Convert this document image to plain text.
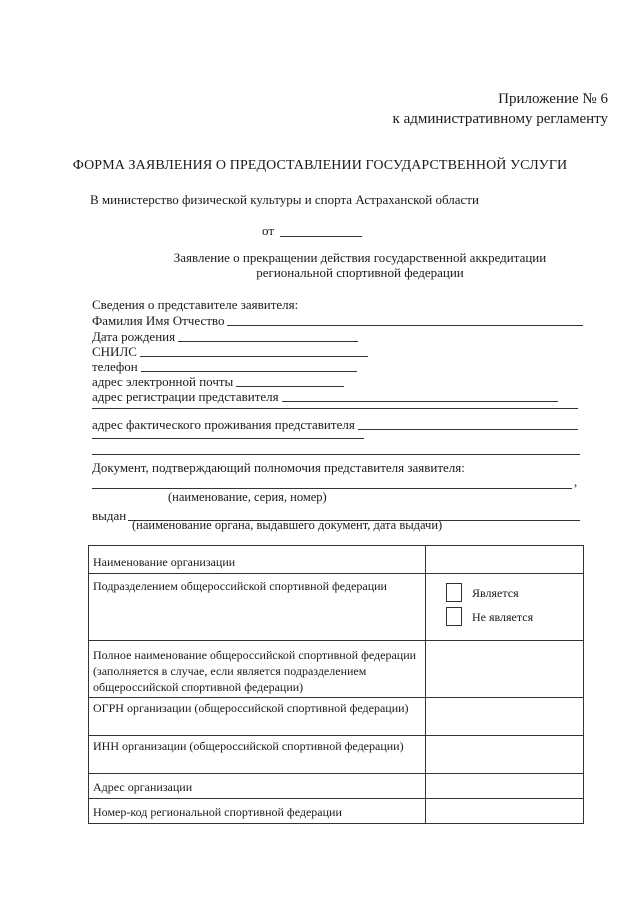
Приложение № 6
к административному регламенту
ФОРМА ЗАЯВЛЕНИЯ О ПРЕДОСТАВЛЕНИИ ГОСУДАРСТВЕННОЙ УСЛУГИ
В министерство физической культуры и спорта Астраханской области
от
Заявление о прекращении действия государственной аккредитации
региональной спортивной федерации
Сведения о представителе заявителя:
Фамилия Имя Отчество
Дата рождения
СНИЛС
телефон
адрес электронной почты
адрес регистрации представителя
адрес фактического проживания представителя
Документ, подтверждающий полномочия представителя заявителя:
,
(наименование, серия, номер)
выдан
(наименование органа, выдавшего документ, дата выдачи)
Наименование организации	
Подразделением общероссийской спортивной федерации	Является
Не является

Полное наименование общероссийской спортивной федерации (заполняется в случае, если является подразделением общероссийской спортивной федерации)	
ОГРН организации (общероссийской спортивной федерации)	
ИНН организации (общероссийской спортивной федерации)	
Адрес организации	
Номер-код региональной спортивной федерации	
